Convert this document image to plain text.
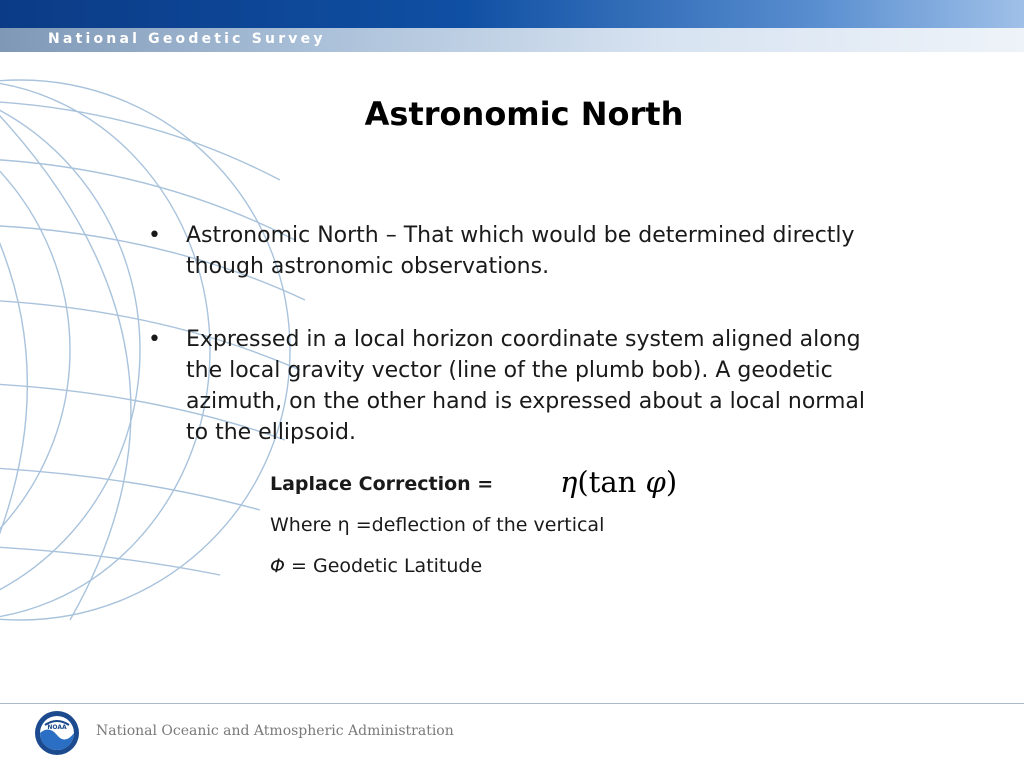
National Geodetic Survey
Astronomic North
• Astronomic North – That which would be determined directly though astronomic observations.
• Expressed in a local horizon coordinate system aligned along the local gravity vector (line of the plumb bob). A geodetic azimuth, on the other hand is expressed about a local normal to the ellipsoid.
Laplace Correction = η(tan φ)
Where η =deflection of the vertical
Φ = Geodetic Latitude
NOAA National Oceanic and Atmospheric Administration
